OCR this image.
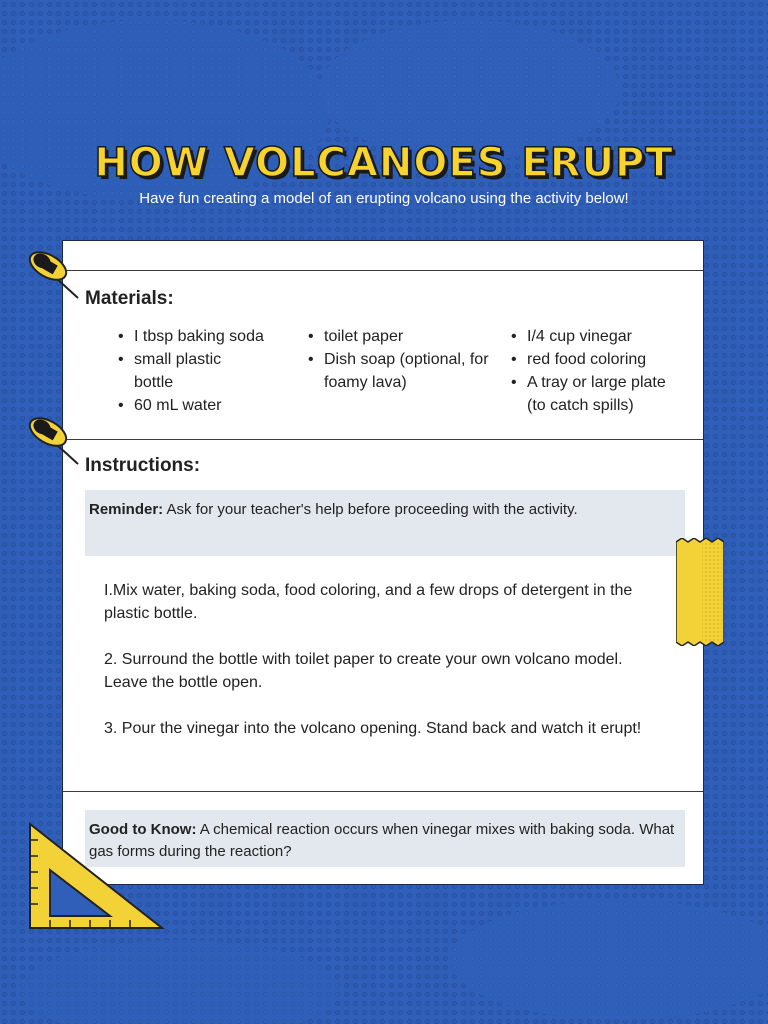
HOW VOLCANOES ERUPT
Have fun creating a model of an erupting volcano using the activity below!
Materials:
• I tbsp baking soda
• small plastic bottle
• 60 mL water
• toilet paper
• Dish soap (optional, for foamy lava)
• I/4 cup vinegar
• red food coloring
• A tray or large plate (to catch spills)
Instructions:
Reminder: Ask for your teacher's help before proceeding with the activity.

I.Mix water, baking soda, food coloring, and a few drops of detergent in the plastic bottle.

2. Surround the bottle with toilet paper to create your own volcano model. Leave the bottle open.

3. Pour the vinegar into the volcano opening. Stand back and watch it erupt!

Good to Know: A chemical reaction occurs when vinegar mixes with baking soda. What gas forms during the reaction?
